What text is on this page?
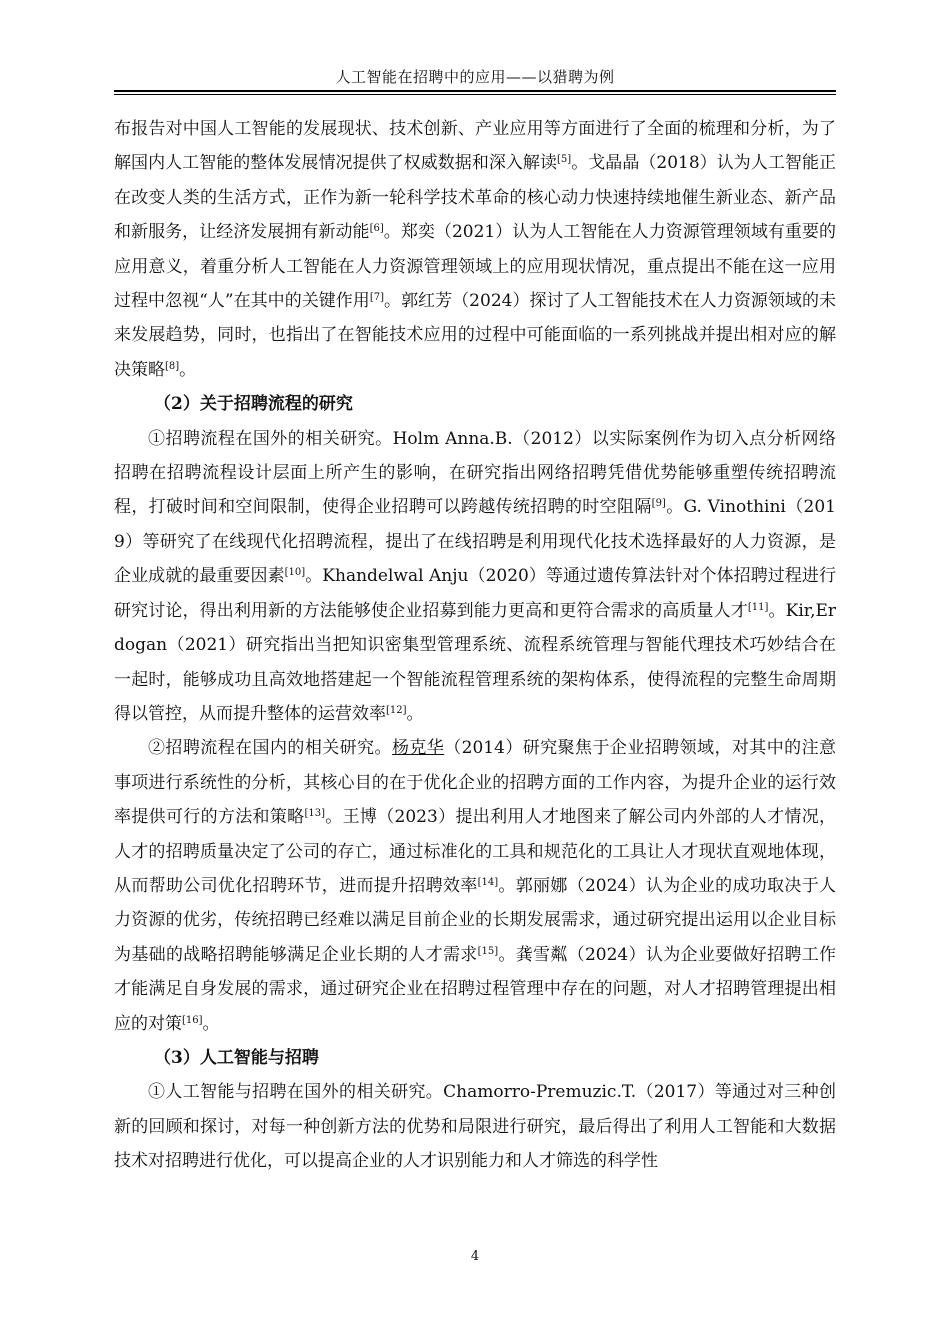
人工智能在招聘中的应用——以猎聘为例

布报告对中国人工智能的发展现状、技术创新、产业应用等方面进行了全面的梳理和分析，为了解国内人工智能的整体发展情况提供了权威数据和深入解读[5]。戈晶晶（2018）认为人工智能正在改变人类的生活方式，正作为新一轮科学技术革命的核心动力快速持续地催生新业态、新产品和新服务，让经济发展拥有新动能[6]。郑奕（2021）认为人工智能在人力资源管理领域有重要的应用意义，着重分析人工智能在人力资源管理领域上的应用现状情况，重点提出不能在这一应用过程中忽视“人”在其中的关键作用[7]。郭红芳（2024）探讨了人工智能技术在人力资源领域的未来发展趋势，同时，也指出了在智能技术应用的过程中可能面临的一系列挑战并提出相对应的解决策略[8]。

（2）关于招聘流程的研究

①招聘流程在国外的相关研究。Holm Anna.B.（2012）以实际案例作为切入点分析网络招聘在招聘流程设计层面上所产生的影响，在研究指出网络招聘凭借优势能够重塑传统招聘流程，打破时间和空间限制，使得企业招聘可以跨越传统招聘的时空阻隔[9]。G. Vinothini（2019）等研究了在线现代化招聘流程，提出了在线招聘是利用现代化技术选择最好的人力资源，是企业成就的最重要因素[10]。Khandelwal Anju（2020）等通过遗传算法针对个体招聘过程进行研究讨论，得出利用新的方法能够使企业招募到能力更高和更符合需求的高质量人才[11]。Kir,Erdogan（2021）研究指出当把知识密集型管理系统、流程系统管理与智能代理技术巧妙结合在一起时，能够成功且高效地搭建起一个智能流程管理系统的架构体系，使得流程的完整生命周期得以管控，从而提升整体的运营效率[12]。

②招聘流程在国内的相关研究。杨克华（2014）研究聚焦于企业招聘领域，对其中的注意事项进行系统性的分析，其核心目的在于优化企业的招聘方面的工作内容，为提升企业的运行效率提供可行的方法和策略[13]。王博（2023）提出利用人才地图来了解公司内外部的人才情况，人才的招聘质量决定了公司的存亡，通过标准化的工具和规范化的工具让人才现状直观地体现，从而帮助公司优化招聘环节，进而提升招聘效率[14]。郭丽娜（2024）认为企业的成功取决于人力资源的优劣，传统招聘已经难以满足目前企业的长期发展需求，通过研究提出运用以企业目标为基础的战略招聘能够满足企业长期的人才需求[15]。龚雪粼（2024）认为企业要做好招聘工作才能满足自身发展的需求，通过研究企业在招聘过程管理中存在的问题，对人才招聘管理提出相应的对策[16]。

（3）人工智能与招聘

①人工智能与招聘在国外的相关研究。Chamorro-Premuzic.T.（2017）等通过对三种创新的回顾和探讨，对每一种创新方法的优势和局限进行研究，最后得出了利用人工智能和大数据技术对招聘进行优化，可以提高企业的人才识别能力和人才筛选的科学性

4
